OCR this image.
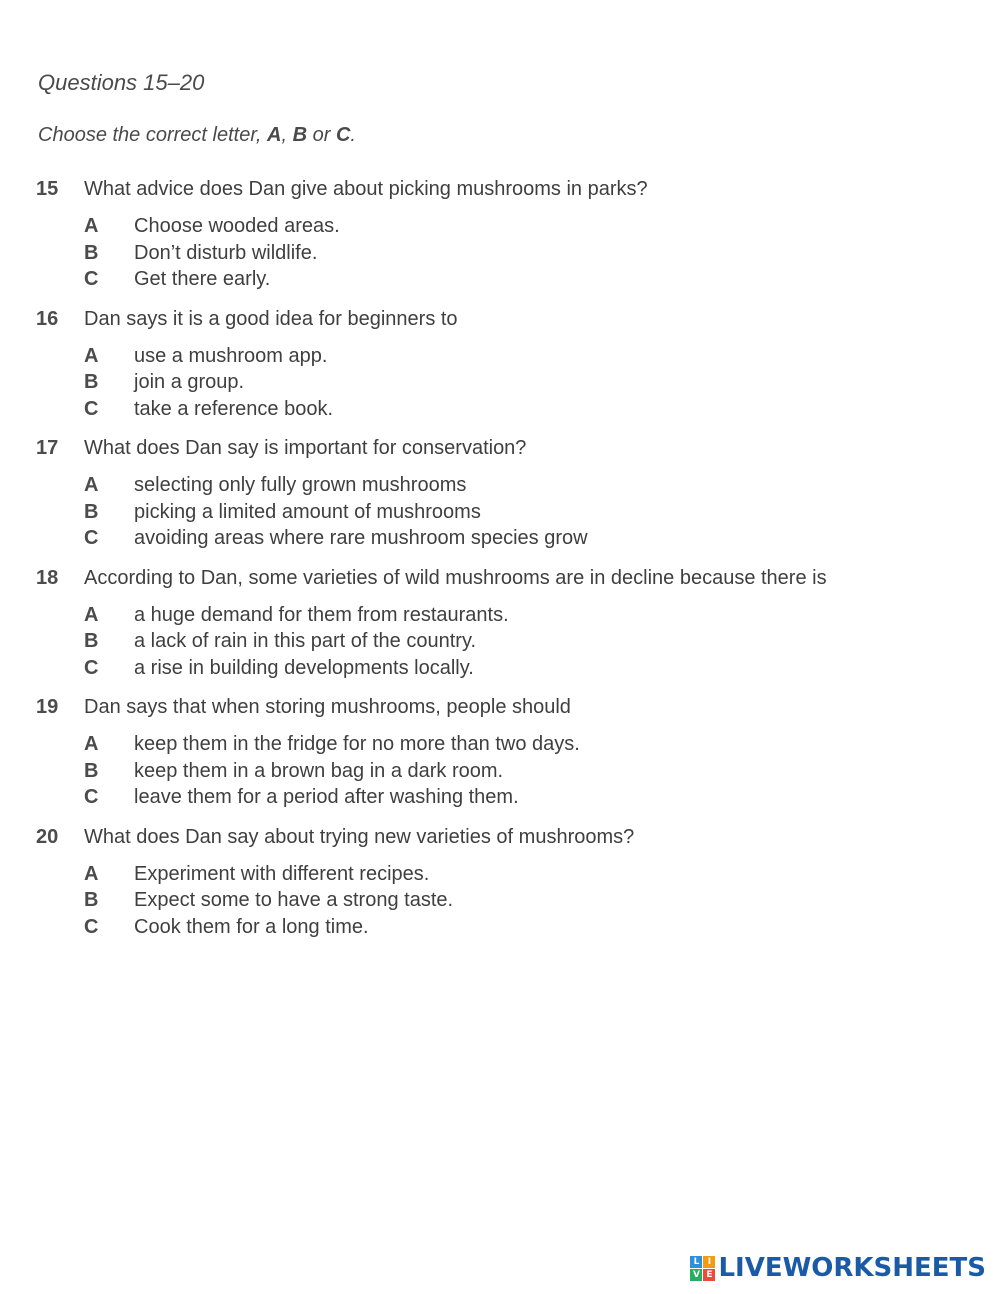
Questions 15–20
Choose the correct letter, A, B or C.
15	What advice does Dan give about picking mushrooms in parks?
A	Choose wooded areas.
B	Don’t disturb wildlife.
C	Get there early.
16	Dan says it is a good idea for beginners to
A	use a mushroom app.
B	join a group.
C	take a reference book.
17	What does Dan say is important for conservation?
A	selecting only fully grown mushrooms
B	picking a limited amount of mushrooms
C	avoiding areas where rare mushroom species grow
18	According to Dan, some varieties of wild mushrooms are in decline because there is
A	a huge demand for them from restaurants.
B	a lack of rain in this part of the country.
C	a rise in building developments locally.
19	Dan says that when storing mushrooms, people should
A	keep them in the fridge for no more than two days.
B	keep them in a brown bag in a dark room.
C	leave them for a period after washing them.
20	What does Dan say about trying new varieties of mushrooms?
A	Experiment with different recipes.
B	Expect some to have a strong taste.
C	Cook them for a long time.
L I
V E LIVEWORKSHEETS
